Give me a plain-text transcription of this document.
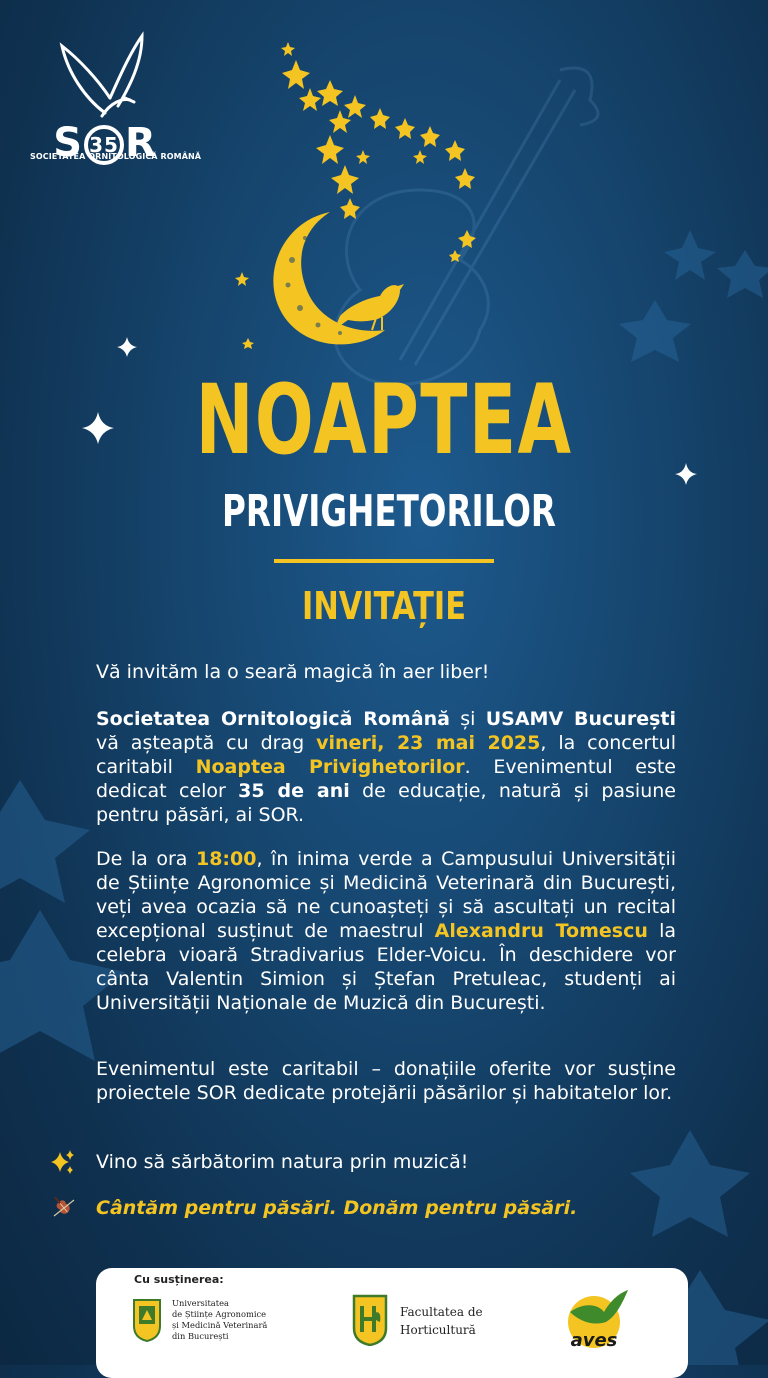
S 35 R
SOCIETATEA ORNITOLOGICĂ ROMÂNĂ
NOAPTEA
PRIVIGHETORILOR
INVITAȚIE
Vă invităm la o seară magică în aer liber!
Societatea Ornitologică Română și USAMV București vă așteaptă cu drag vineri, 23 mai 2025, la concertul caritabil Noaptea Privighetorilor. Evenimentul este dedicat celor 35 de ani de educație, natură și pasiune pentru păsări, ai SOR.
De la ora 18:00, în inima verde a Campusului Universității de Științe Agronomice și Medicină Veterinară din București, veți avea ocazia să ne cunoașteți și să ascultați un recital excepțional susținut de maestrul Alexandru Tomescu la celebra vioară Stradivarius Elder-Voicu. În deschidere vor cânta Valentin Simion și Ștefan Pretuleac, studenți ai Universității Naționale de Muzică din București.
Evenimentul este caritabil – donațiile oferite vor susține proiectele SOR dedicate protejării păsărilor și habitatelor lor.
Vino să sărbătorim natura prin muzică!
Cântăm pentru păsări. Donăm pentru păsări.
Cu susținerea:
Universitatea
de Științe Agronomice
și Medicină Veterinară
din București
Facultatea de
Horticultură	aves
